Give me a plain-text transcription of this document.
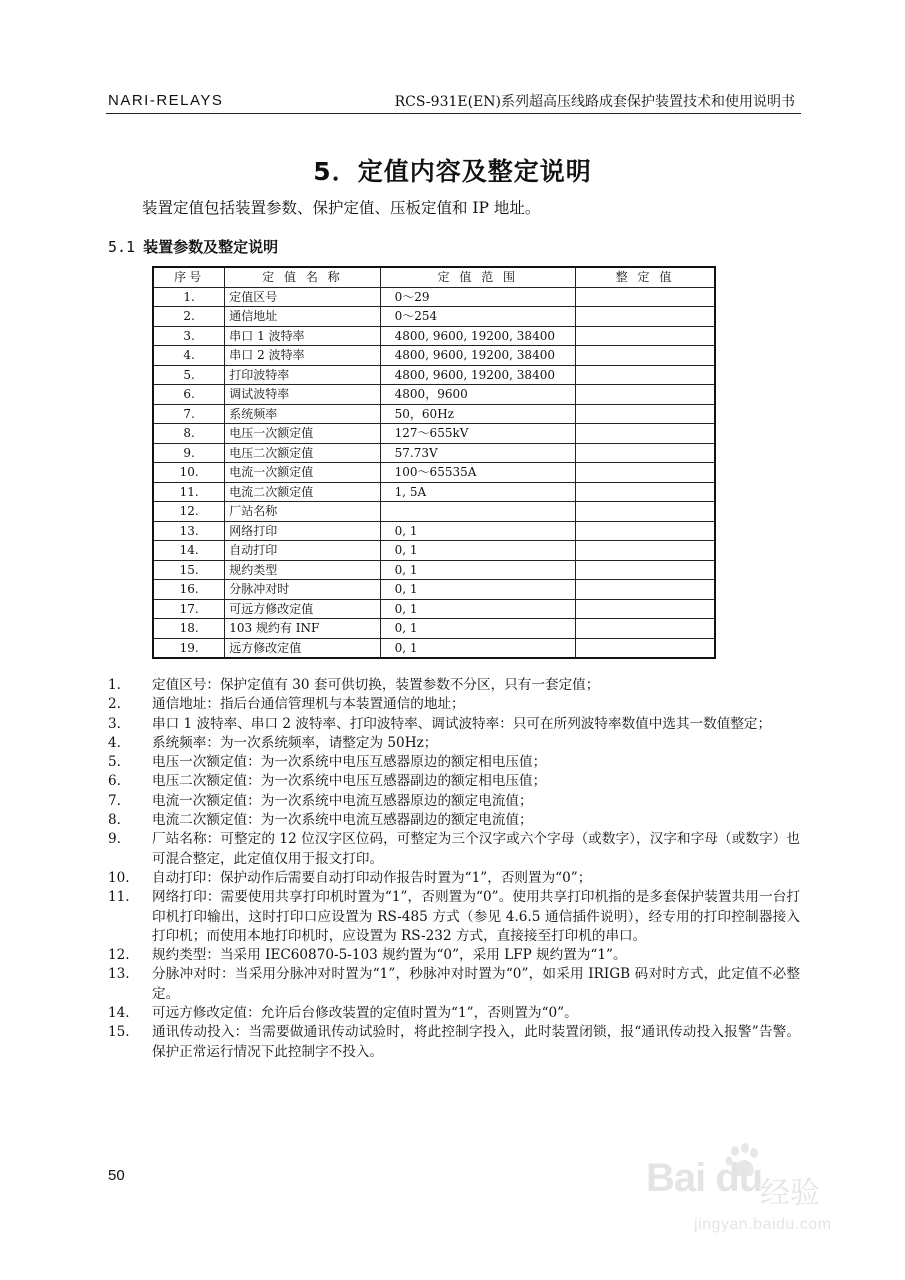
NARI-RELAYS	RCS-931E(EN)系列超高压线路成套保护装置技术和使用说明书
5．定值内容及整定说明
装置定值包括装置参数、保护定值、压板定值和 IP 地址。
5.1 装置参数及整定说明
序号	定 值 名 称	定 值 范 围	整 定 值
1.	定值区号	0～29	
2.	通信地址	0～254	
3.	串口 1 波特率	4800, 9600, 19200, 38400	
4.	串口 2 波特率	4800, 9600, 19200, 38400	
5.	打印波特率	4800, 9600, 19200, 38400	
6.	调试波特率	4800，9600	
7.	系统频率	50，60Hz	
8.	电压一次额定值	127～655kV	
9.	电压二次额定值	57.73V	
10.	电流一次额定值	100～65535A	
11.	电流二次额定值	1, 5A	
12.	厂站名称		
13.	网络打印	0, 1	
14.	自动打印	0, 1	
15.	规约类型	0, 1	
16.	分脉冲对时	0, 1	
17.	可远方修改定值	0, 1	
18.	103 规约有 INF	0, 1	
19.	远方修改定值	0, 1	
1.	定值区号：保护定值有 30 套可供切换，装置参数不分区，只有一套定值；
2.	通信地址：指后台通信管理机与本装置通信的地址；
3.	串口 1 波特率、串口 2 波特率、打印波特率、调试波特率：只可在所列波特率数值中选其一数值整定；
4.	系统频率：为一次系统频率，请整定为 50Hz；
5.	电压一次额定值：为一次系统中电压互感器原边的额定相电压值；
6.	电压二次额定值：为一次系统中电压互感器副边的额定相电压值；
7.	电流一次额定值：为一次系统中电流互感器原边的额定电流值；
8.	电流二次额定值：为一次系统中电流互感器副边的额定电流值；
9.	厂站名称：可整定的 12 位汉字区位码，可整定为三个汉字或六个字母（或数字），汉字和字母（或数字）也可混合整定，此定值仅用于报文打印。
10.	自动打印：保护动作后需要自动打印动作报告时置为“1”，否则置为“0”；
11.	网络打印：需要使用共享打印机时置为“1”，否则置为“0”。使用共享打印机指的是多套保护装置共用一台打印机打印输出，这时打印口应设置为 RS-485 方式（参见 4.6.5 通信插件说明），经专用的打印控制器接入打印机；而使用本地打印机时，应设置为 RS-232 方式，直接接至打印机的串口。
12.	规约类型：当采用 IEC60870-5-103 规约置为“0”，采用 LFP 规约置为“1”。
13.	分脉冲对时：当采用分脉冲对时置为“1”，秒脉冲对时置为“0”，如采用 IRIGB 码对时方式，此定值不必整定。
14.	可远方修改定值：允许后台修改装置的定值时置为“1”，否则置为“0”。
15.	通讯传动投入：当需要做通讯传动试验时，将此控制字投入，此时装置闭锁，报“通讯传动投入报警”告警。保护正常运行情况下此控制字不投入。
50	Bai du
经验
jingyan.baidu.com
